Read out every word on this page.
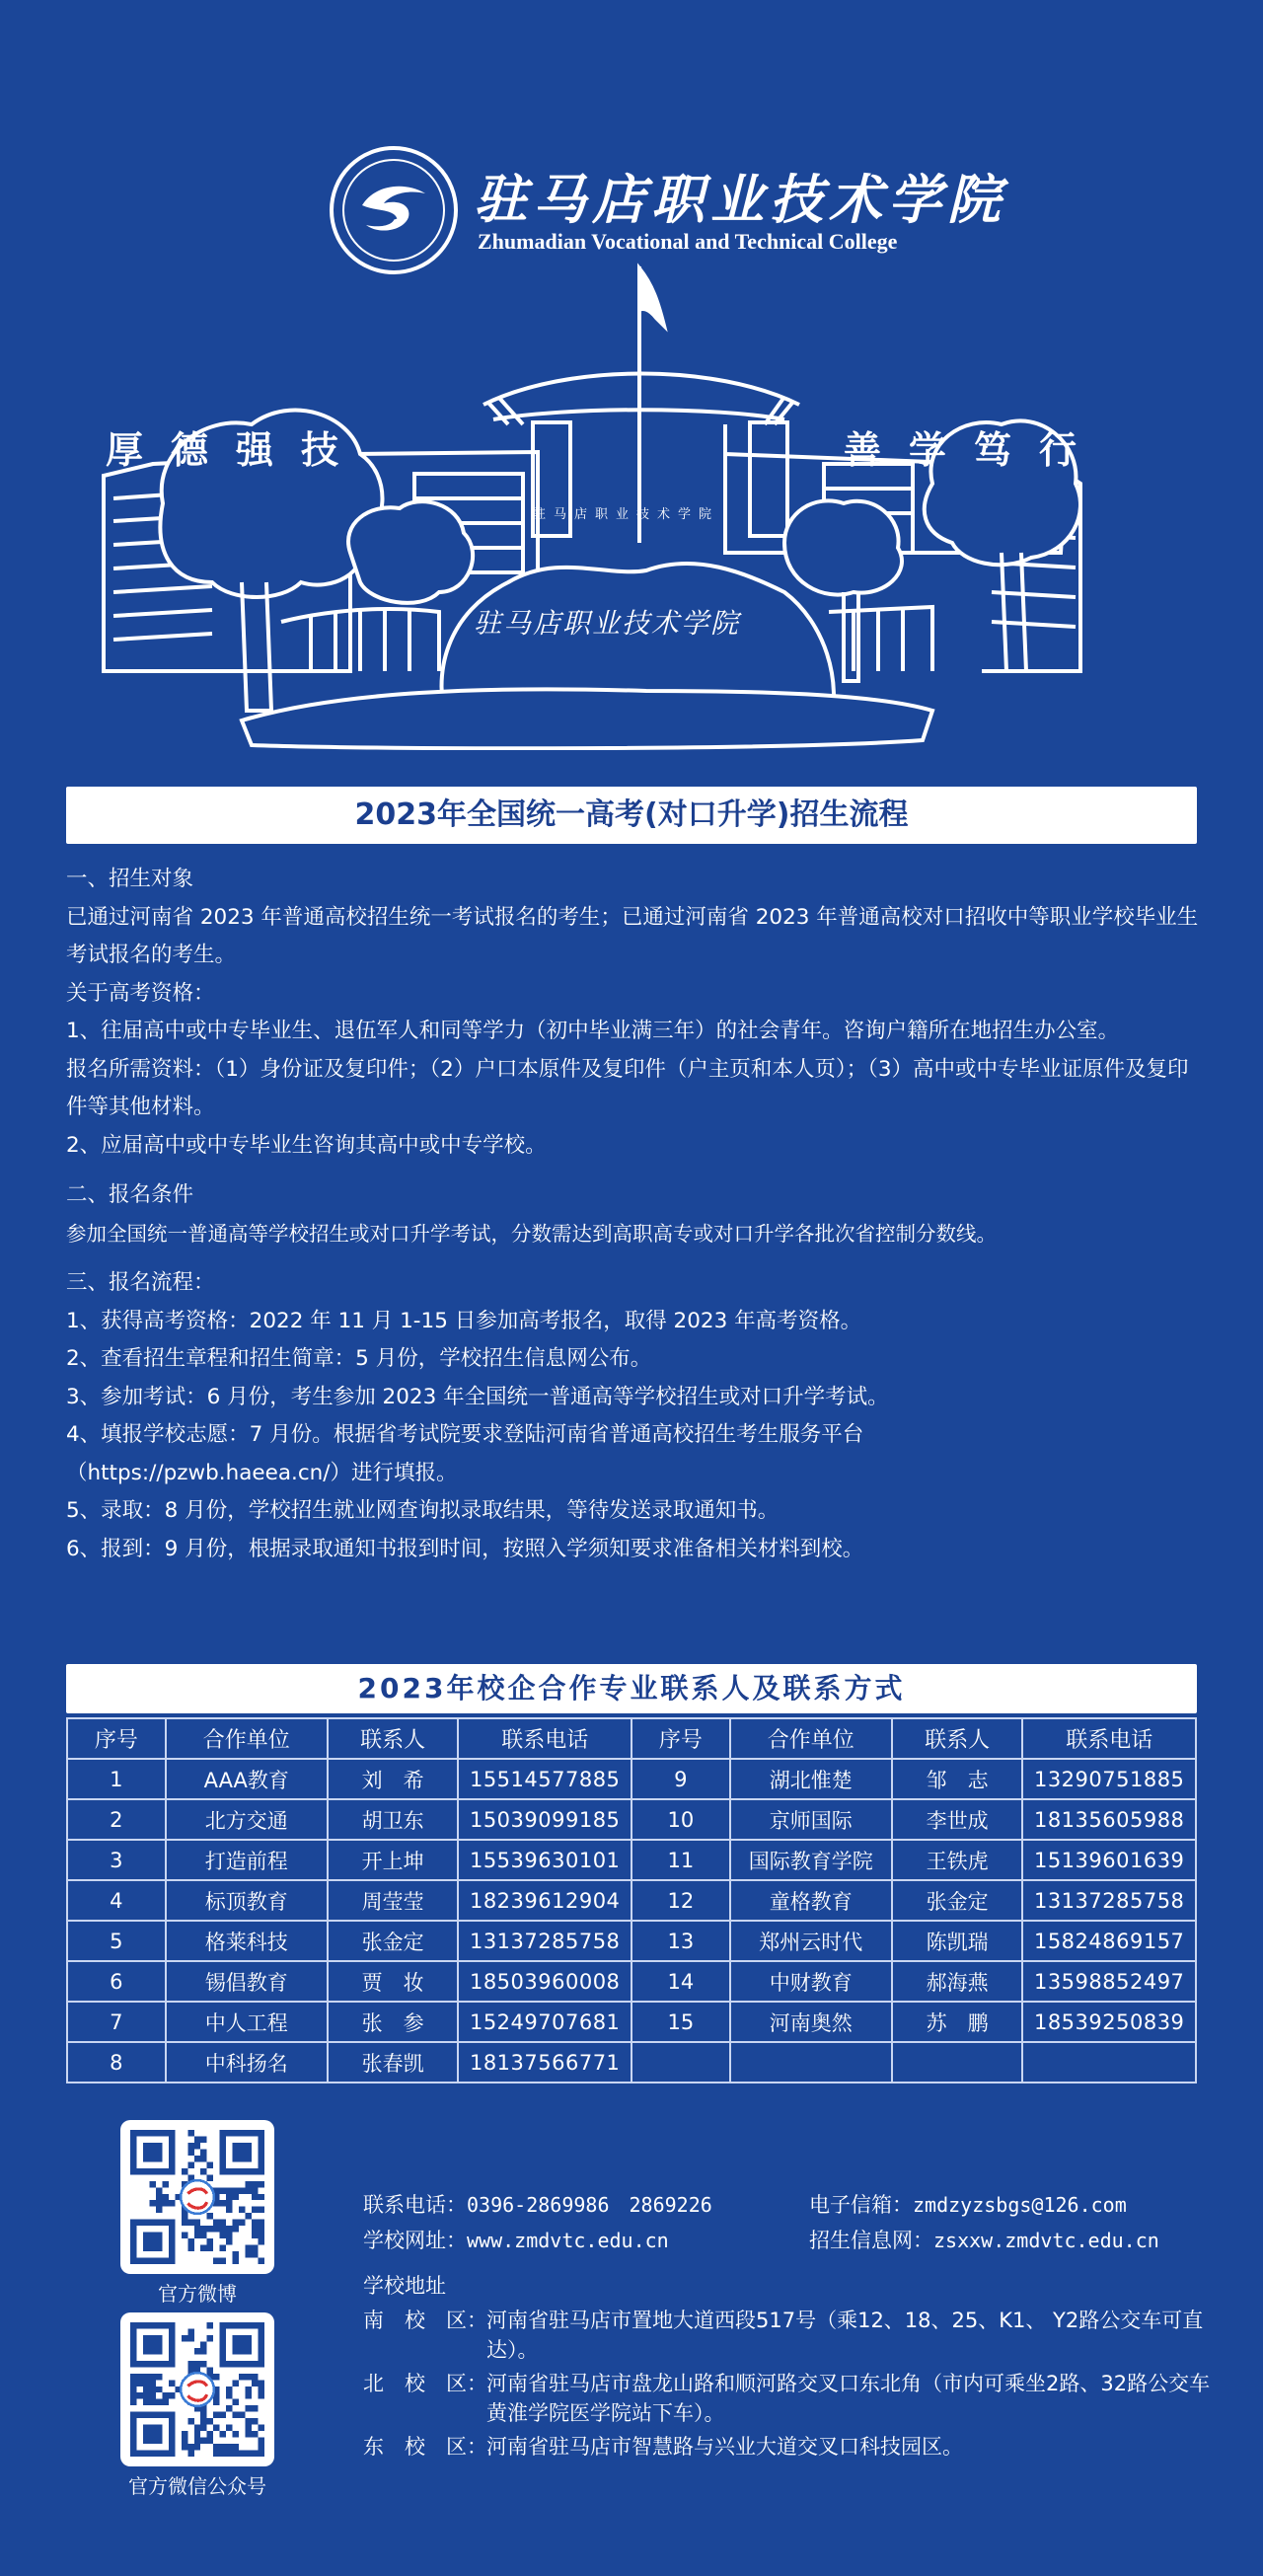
驻马店职业技术学院
Zhumadian Vocational and Technical College
厚德强技	善学笃行
驻马店职业技术学院
驻马店职业技术学院
2023年全国统一高考(对口升学)招生流程

一、招生对象

已通过河南省 2023 年普通高校招生统一考试报名的考生；已通过河南省 2023 年普通高校对口招收中等职业学校毕业生考试报名的考生。

关于高考资格：

1、往届高中或中专毕业生、退伍军人和同等学力（初中毕业满三年）的社会青年。咨询户籍所在地招生办公室。

报名所需资料：（1）身份证及复印件；（2）户口本原件及复印件（户主页和本人页）；（3）高中或中专毕业证原件及复印件等其他材料。

2、应届高中或中专毕业生咨询其高中或中专学校。

二、报名条件

参加全国统一普通高等学校招生或对口升学考试，分数需达到高职高专或对口升学各批次省控制分数线。

三、报名流程：

1、获得高考资格：2022 年 11 月 1-15 日参加高考报名，取得 2023 年高考资格。

2、查看招生章程和招生简章：5 月份，学校招生信息网公布。

3、参加考试：6 月份，考生参加 2023 年全国统一普通高等学校招生或对口升学考试。

4、填报学校志愿：7 月份。根据省考试院要求登陆河南省普通高校招生考生服务平台（https://pzwb.haeea.cn/）进行填报。

5、录取：8 月份，学校招生就业网查询拟录取结果，等待发送录取通知书。

6、报到：9 月份，根据录取通知书报到时间，按照入学须知要求准备相关材料到校。

2023年校企合作专业联系人及联系方式
序号	合作单位	联系人	联系电话	序号	合作单位	联系人	联系电话
1	AAA教育	刘　希	15514577885	9	湖北惟楚	邹　志	13290751885
2	北方交通	胡卫东	15039099185	10	京师国际	李世成	18135605988
3	打造前程	开上坤	15539630101	11	国际教育学院	王铁虎	15139601639
4	标顶教育	周莹莹	18239612904	12	童格教育	张金定	13137285758
5	格莱科技	张金定	13137285758	13	郑州云时代	陈凯瑞	15824869157
6	锡倡教育	贾　妆	18503960008	14	中财教育	郝海燕	13598852497
7	中人工程	张　参	15249707681	15	河南奥然	苏　鹏	18539250839
8	中科扬名	张春凯	18137566771				
官方微博
官方微信公众号
联系电话：0396-2869986　2869226	电子信箱：zmdzyzsbgs@126.com
学校网址：www.zmdvtc.edu.cn	招生信息网：zsxxw.zmdvtc.edu.cn
学校地址
南　校　区： 河南省驻马店市置地大道西段517号（乘12、18、25、K1、 Y2路公交车可直达）。
北　校　区： 河南省驻马店市盘龙山路和顺河路交叉口东北角（市内可乘坐2路、32路公交车黄淮学院医学院站下车）。
东　校　区： 河南省驻马店市智慧路与兴业大道交叉口科技园区。
